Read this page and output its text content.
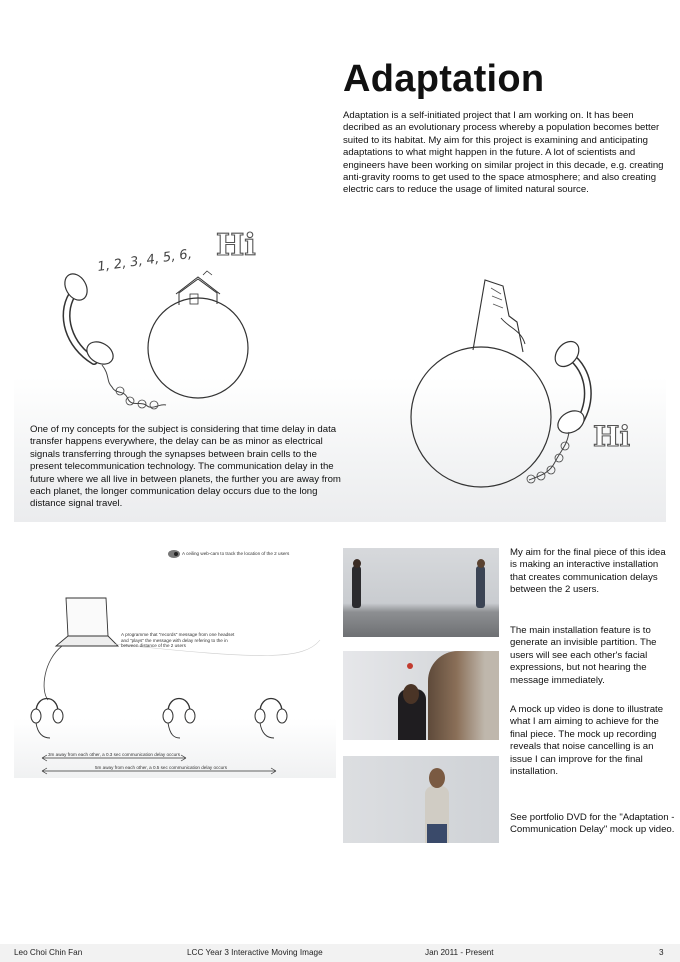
Adaptation
Adaptation is a self-initiated project that I am working on. It has been decribed as an evolutionary process whereby a population becomes better suited to its habitat. My aim for this project is examining and anticipating adaptations to what might happen in the future. A lot of scientists and engineers have been working on similar project in this decade, e.g. creating anti-gravity rooms to get used to the space atmosphere; and also creating electric cars to reduce the usage of limited natural source.
1, 2, 3, 4, 5, 6, Hi
Hi
One of my concepts for the subject is considering that time delay in data transfer happens everywhere, the delay can be as minor as electrical signals transferring through the synapses between brain cells to the present telecommunication technology. The communication delay in the future where we all live in between planets, the further you are away from each planet, the longer communication delay occurs due to the long distance signal travel.
A ceiling web-cam to track the location of the 2 users
A programme that "records" message from one headset and "plays" the message with delay refering to the in between distance of the 2 users
3m away from each other, a 0.3 sec communication delay occurs
5m away from each other, a 0.5 sec communication delay occurs
My aim for the final piece of this idea is making an interactive installation that creates communication delays between the 2 users.
The main installation feature is to generate an invisible partition. The users will see each other's facial expressions, but not hearing the message immediately.
A mock up video is done to illustrate what I am aiming to achieve for the final piece. The mock up recording reveals that noise cancelling is an issue I can improve for the final installation.
See portfolio DVD for the "Adaptation - Communication Delay" mock up video.
Leo Choi Chin Fan	LCC Year 3 Interactive Moving Image	Jan 2011 - Present	3
